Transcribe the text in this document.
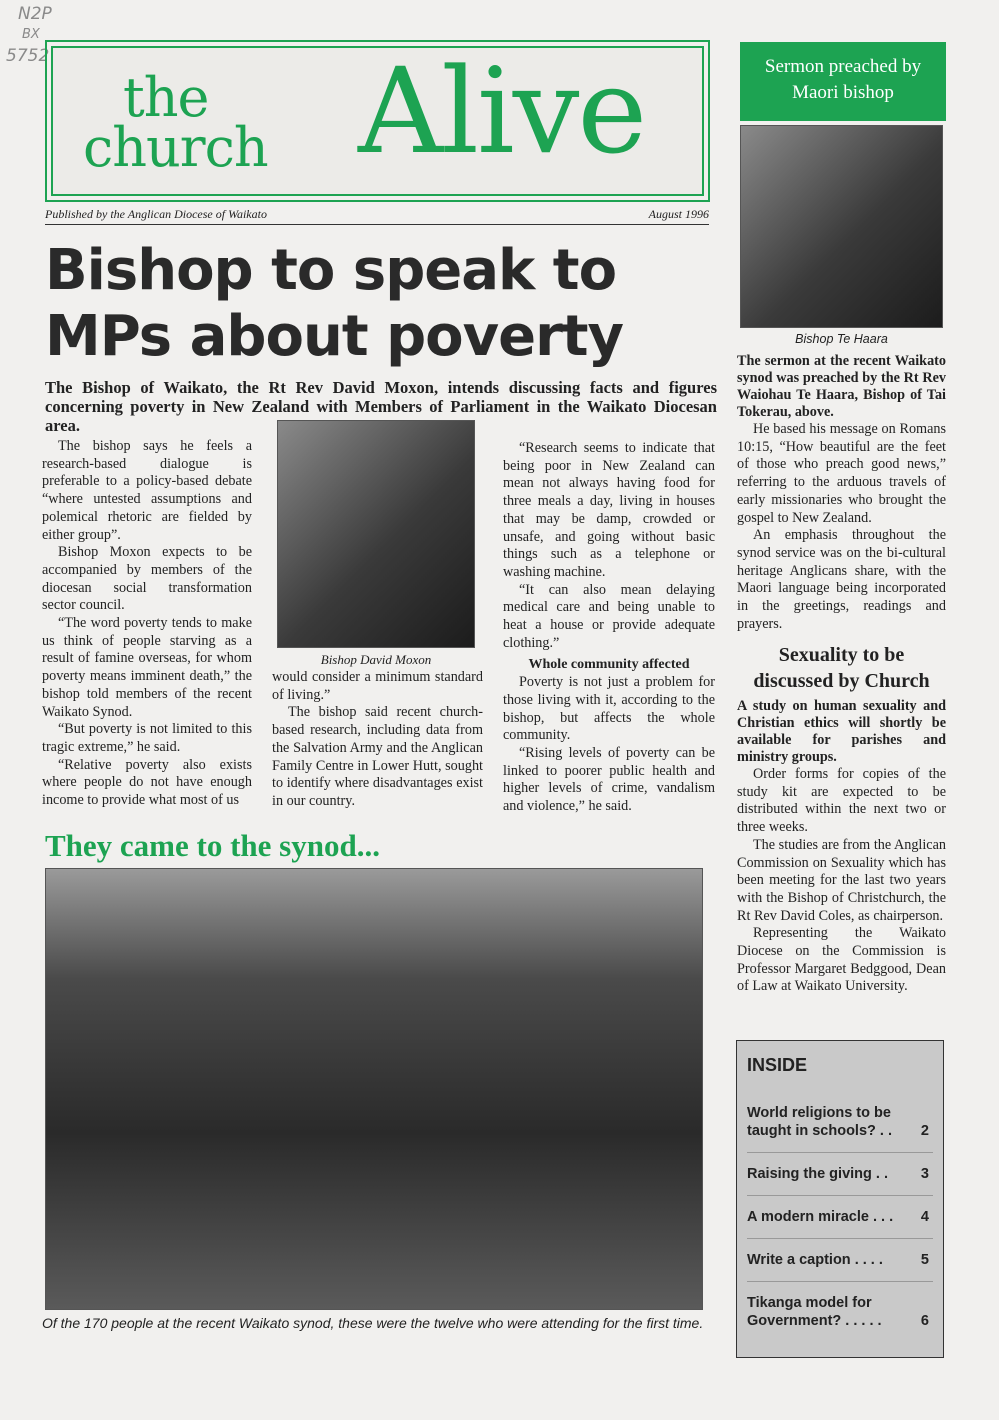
N2P
BX
5752
the
church Alive
Published by the Anglican Diocese of Waikato	August 1996
Bishop to speak to MPs about poverty
The Bishop of Waikato, the Rt Rev David Moxon, intends discussing facts and figures concerning poverty in New Zealand with Members of Parliament in the Waikato Diocesan area.

The bishop says he feels a research-based dialogue is preferable to a policy-based debate “where untested assumptions and polemical rhetoric are fielded by either group”.

Bishop Moxon expects to be accompanied by members of the diocesan social transformation sector council.

“The word poverty tends to make us think of people starving as a result of famine overseas, for whom poverty means imminent death,” the bishop told members of the recent Waikato Synod.

“But poverty is not limited to this tragic extreme,” he said.

“Relative poverty also exists where people do not have enough income to provide what most of us

Bishop David Moxon

would consider a minimum standard of living.”

The bishop said recent church-based research, including data from the Salvation Army and the Anglican Family Centre in Lower Hutt, sought to identify where disadvantages exist in our country.

“Research seems to indicate that being poor in New Zealand can mean not always having food for three meals a day, living in houses that may be damp, crowded or unsafe, and going without basic things such as a telephone or washing machine.

“It can also mean delaying medical care and being unable to heat a house or provide adequate clothing.”

Whole community affected

Poverty is not just a problem for those living with it, according to the bishop, but affects the whole community.

“Rising levels of poverty can be linked to poorer public health and higher levels of crime, vandalism and violence,” he said.

Sermon preached by Maori bishop
Bishop Te Haara
The sermon at the recent Waikato synod was preached by the Rt Rev Waiohau Te Haara, Bishop of Tai Tokerau, above.

He based his message on Romans 10:15, “How beautiful are the feet of those who preach good news,” referring to the arduous travels of early missionaries who brought the gospel to New Zealand.

An emphasis throughout the synod service was on the bi-cultural heritage Anglicans share, with the Maori language being incorporated in the greetings, readings and prayers.

Sexuality to be discussed by Church
A study on human sexuality and Christian ethics will shortly be available for parishes and ministry groups.

Order forms for copies of the study kit are expected to be distributed within the next two or three weeks.

The studies are from the Anglican Commission on Sexuality which has been meeting for the last two years with the Bishop of Christchurch, the Rt Rev David Coles, as chairperson.

Representing the Waikato Diocese on the Commission is Professor Margaret Bedggood, Dean of Law at Waikato University.

They came to the synod...
Of the 170 people at the recent Waikato synod, these were the twelve who were attending for the first time.
INSIDE
World religions to be taught in schools? . .	2
Raising the giving . . 3
A modern miracle . . . 4
Write a caption . . . .	5
Tikanga model for Government? . . . . .	6
